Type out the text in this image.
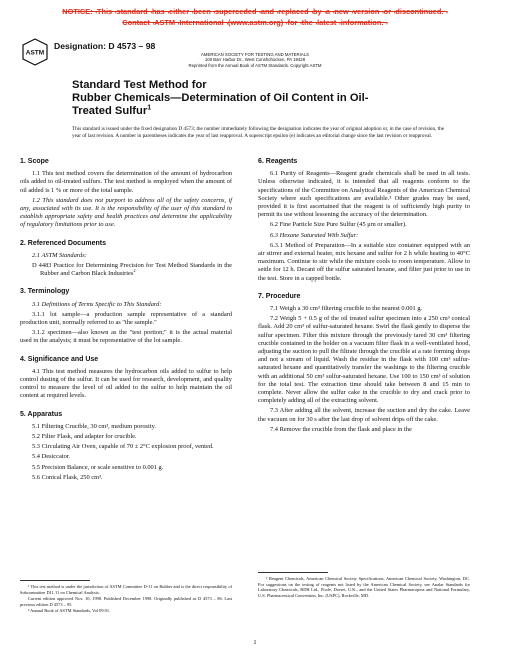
NOTICE:¬This¬standard¬has¬either¬been¬superceded¬and¬replaced¬by¬a¬new¬version¬or¬discontinued.¬
Contact¬ASTM¬International¬(www.astm.org)¬for¬the¬latest¬information.¬
ASTM
Designation: D 4573 – 98
AMERICAN SOCIETY FOR TESTING AND MATERIALS
100 Barr Harbor Dr., West Conshohocken, PA 19428
Reprinted from the Annual Book of ASTM Standards. Copyright ASTM
Standard Test Method for
Rubber Chemicals—Determination of Oil Content in Oil-
Treated Sulfur$^1$
This standard is issued under the fixed designation D 4573; the number immediately following the designation indicates the year of original adoption or, in the case of revision, the year of last revision. A number in parentheses indicates the year of last reapproval. A superscript epsilon (e) indicates an editorial change since the last revision or reapproval.
1. Scope

1.1 This test method covers the determination of the amount of hydrocarbon oils added to oil-treated sulfurs. The test method is employed when the amount of oil added is 1 % or more of the total sample.

1.2 This standard does not purport to address all of the safety concerns, if any, associated with its use. It is the responsibility of the user of this standard to establish appropriate safety and health practices and determine the applicability of regulatory limitations prior to use.

2. Referenced Documents

2.1 ASTM Standards:

D 4483 Practice for Determining Precision for Test Method Standards in the Rubber and Carbon Black Industries$^2$

3. Terminology

3.1 Definitions of Terms Specific to This Standard:

3.1.1 lot sample—a production sample representative of a standard production unit, normally referred to as "the sample."

3.1.2 specimen—also known as the "test portion;" it is the actual material used in the analysis; it must be representative of the lot sample.

4. Significance and Use

4.1 This test method measures the hydrocarbon oils added to sulfur to help control dusting of the sulfur. It can be used for research, development, and quality control to measure the level of oil added to the sulfur to help maintain the oil content at required levels.

5. Apparatus

5.1 Filtering Crucible, 30 cm³, medium porosity.

5.2 Filter Flask, and adapter for crucible.

5.3 Circulating Air Oven, capable of 70 ± 2°C explosion proof, vented.

5.4 Desiccator.

5.5 Precision Balance, or scale sensitive to 0.001 g.

5.6 Conical Flask, 250 cm³.

¹ This test method is under the jurisdiction of ASTM Committee D-11 on Rubber and is the direct responsibility of Subcommittee D11.11 on Chemical Analysis.

Current edition approved Nov. 10, 1998. Published December 1998. Originally published as D 4573 – 86. Last previous edition D 4573 – 95.

² Annual Book of ASTM Standards, Vol 09.01.

6. Reagents

6.1 Purity of Reagents—Reagent grade chemicals shall be used in all tests. Unless otherwise indicated, it is intended that all reagents conform to the specifications of the Committee on Analytical Reagents of the American Chemical Society where such specifications are available.³ Other grades may be used, provided it is first ascertained that the reagent is of sufficiently high purity to permit its use without lessening the accuracy of the determination.

6.2 Fine Particle Size Pure Sulfur (45 μm or smaller).

6.3 Hexane Saturated With Sulfur:

6.3.1 Method of Preparation—In a suitable size container equipped with an air stirrer and external heater, mix hexane and sulfur for 2 h while heating to 40°C maximum. Continue to stir while the mixture cools to room temperature. Allow to settle for 12 h. Decant off the sulfur saturated hexane, and filter just prior to use in the test. Store in a capped bottle.

7. Procedure

7.1 Weigh a 30 cm³ filtering crucible to the nearest 0.001 g.

7.2 Weigh 5 + 0.5 g of the oil treated sulfur specimen into a 250 cm³ conical flask. Add 20 cm³ of sulfur-saturated hexane. Swirl the flask gently to disperse the sulfur specimen. Filter this mixture through the previously tared 30 cm³ filtering crucible contained in the holder on a vacuum filter flask in a well-ventilated hood, adjusting the suction to pull the filtrate through the crucible at a rate forming drops and not a stream of liquid. Wash the residue in the flask with 100 cm³ sulfur-saturated hexane and quantitatively transfer the washings to the filtering crucible with an additional 50 cm³ sulfur-saturated hexane. Use 100 to 150 cm³ of solution for the total test. The extraction time should take between 8 and 15 min to complete. Never allow the sulfur cake in the crucible to dry and crack prior to completely adding all of the extracting solvent.

7.3 After adding all the solvent, increase the suction and dry the cake. Leave the vacuum on for 30 s after the last drop of solvent drips off the cake.

7.4 Remove the crucible from the flask and place in the

³ Reagent Chemicals, American Chemical Society Specifications, American Chemical Society, Washington, DC. For suggestions on the testing of reagents not listed by the American Chemical Society, see Analar Standards for Laboratory Chemicals, BDH Ltd., Poole, Dorset, U.K., and the United States Pharmacopeia and National Formulary, U.S. Pharmaceutical Convention, Inc. (USPC), Rockville, MD.

1
